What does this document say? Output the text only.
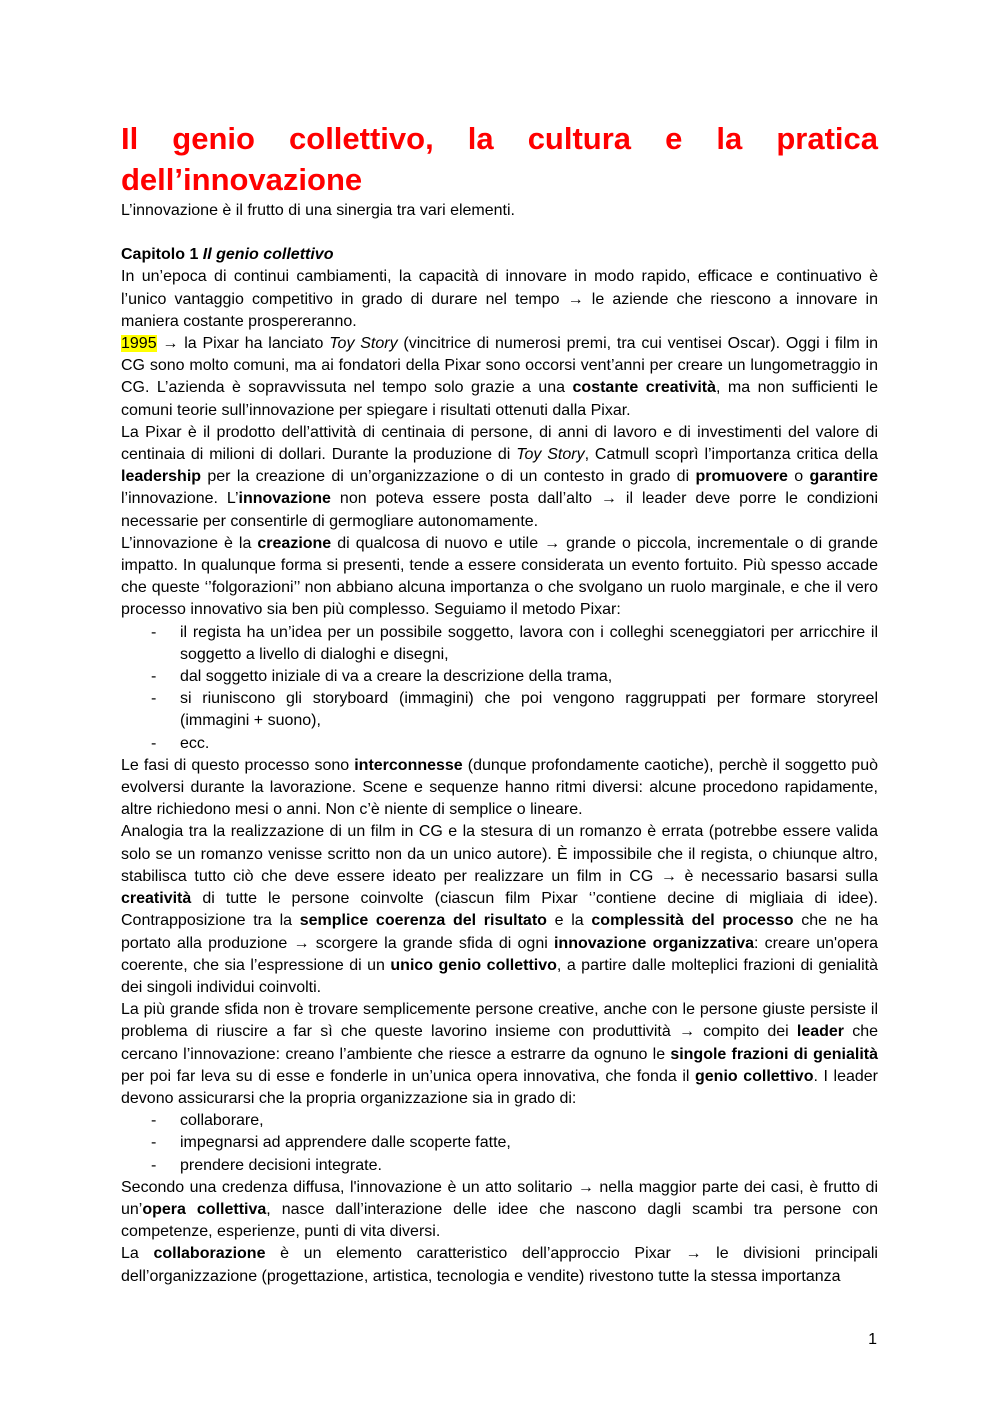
Il genio collettivo, la cultura e la pratica dell’innovazione

L’innovazione è il frutto di una sinergia tra vari elementi.

Capitolo 1 Il genio collettivo

In un’epoca di continui cambiamenti, la capacità di innovare in modo rapido, efficace e continuativo è l’unico vantaggio competitivo in grado di durare nel tempo → le aziende che riescono a innovare in maniera costante prospereranno.

1995 → la Pixar ha lanciato Toy Story (vincitrice di numerosi premi, tra cui ventisei Oscar). Oggi i film in CG sono molto comuni, ma ai fondatori della Pixar sono occorsi vent’anni per creare un lungometraggio in CG. L’azienda è sopravvissuta nel tempo solo grazie a una costante creatività, ma non sufficienti le comuni teorie sull’innovazione per spiegare i risultati ottenuti dalla Pixar.

La Pixar è il prodotto dell’attività di centinaia di persone, di anni di lavoro e di investimenti del valore di centinaia di milioni di dollari. Durante la produzione di Toy Story, Catmull scoprì l’importanza critica della leadership per la creazione di un’organizzazione o di un contesto in grado di promuovere o garantire l’innovazione. L’innovazione non poteva essere posta dall’alto → il leader deve porre le condizioni necessarie per consentirle di germogliare autonomamente.

L’innovazione è la creazione di qualcosa di nuovo e utile → grande o piccola, incrementale o di grande impatto. In qualunque forma si presenti, tende a essere considerata un evento fortuito. Più spesso accade che queste ‘’folgorazioni’’ non abbiano alcuna importanza o che svolgano un ruolo marginale, e che il vero processo innovativo sia ben più complesso. Seguiamo il metodo Pixar:

- il regista ha un’idea per un possibile soggetto, lavora con i colleghi sceneggiatori per arricchire il soggetto a livello di dialoghi e disegni,
- dal soggetto iniziale di va a creare la descrizione della trama,
- si riuniscono gli storyboard (immagini) che poi vengono raggruppati per formare storyreel (immagini + suono),
- ecc.

Le fasi di questo processo sono interconnesse (dunque profondamente caotiche), perchè il soggetto può evolversi durante la lavorazione. Scene e sequenze hanno ritmi diversi: alcune procedono rapidamente, altre richiedono mesi o anni. Non c’è niente di semplice o lineare.

Analogia tra la realizzazione di un film in CG e la stesura di un romanzo è errata (potrebbe essere valida solo se un romanzo venisse scritto non da un unico autore). È impossibile che il regista, o chiunque altro, stabilisca tutto ciò che deve essere ideato per realizzare un film in CG → è necessario basarsi sulla creatività di tutte le persone coinvolte (ciascun film Pixar ‘’contiene decine di migliaia di idee). Contrapposizione tra la semplice coerenza del risultato e la complessità del processo che ne ha portato alla produzione → scorgere la grande sfida di ogni innovazione organizzativa: creare un'opera coerente, che sia l’espressione di un unico genio collettivo, a partire dalle molteplici frazioni di genialità dei singoli individui coinvolti.

La più grande sfida non è trovare semplicemente persone creative, anche con le persone giuste persiste il problema di riuscire a far sì che queste lavorino insieme con produttività → compito dei leader che cercano l’innovazione: creano l’ambiente che riesce a estrarre da ognuno le singole frazioni di genialità per poi far leva su di esse e fonderle in un’unica opera innovativa, che fonda il genio collettivo. I leader devono assicurarsi che la propria organizzazione sia in grado di:

- collaborare,
- impegnarsi ad apprendere dalle scoperte fatte,
- prendere decisioni integrate.

Secondo una credenza diffusa, l'innovazione è un atto solitario → nella maggior parte dei casi, è frutto di un’opera collettiva, nasce dall’interazione delle idee che nascono dagli scambi tra persone con competenze, esperienze, punti di vita diversi.

La collaborazione è un elemento caratteristico dell’approccio Pixar → le divisioni principali dell’organizzazione (progettazione, artistica, tecnologia e vendite) rivestono tutte la stessa importanza

1
